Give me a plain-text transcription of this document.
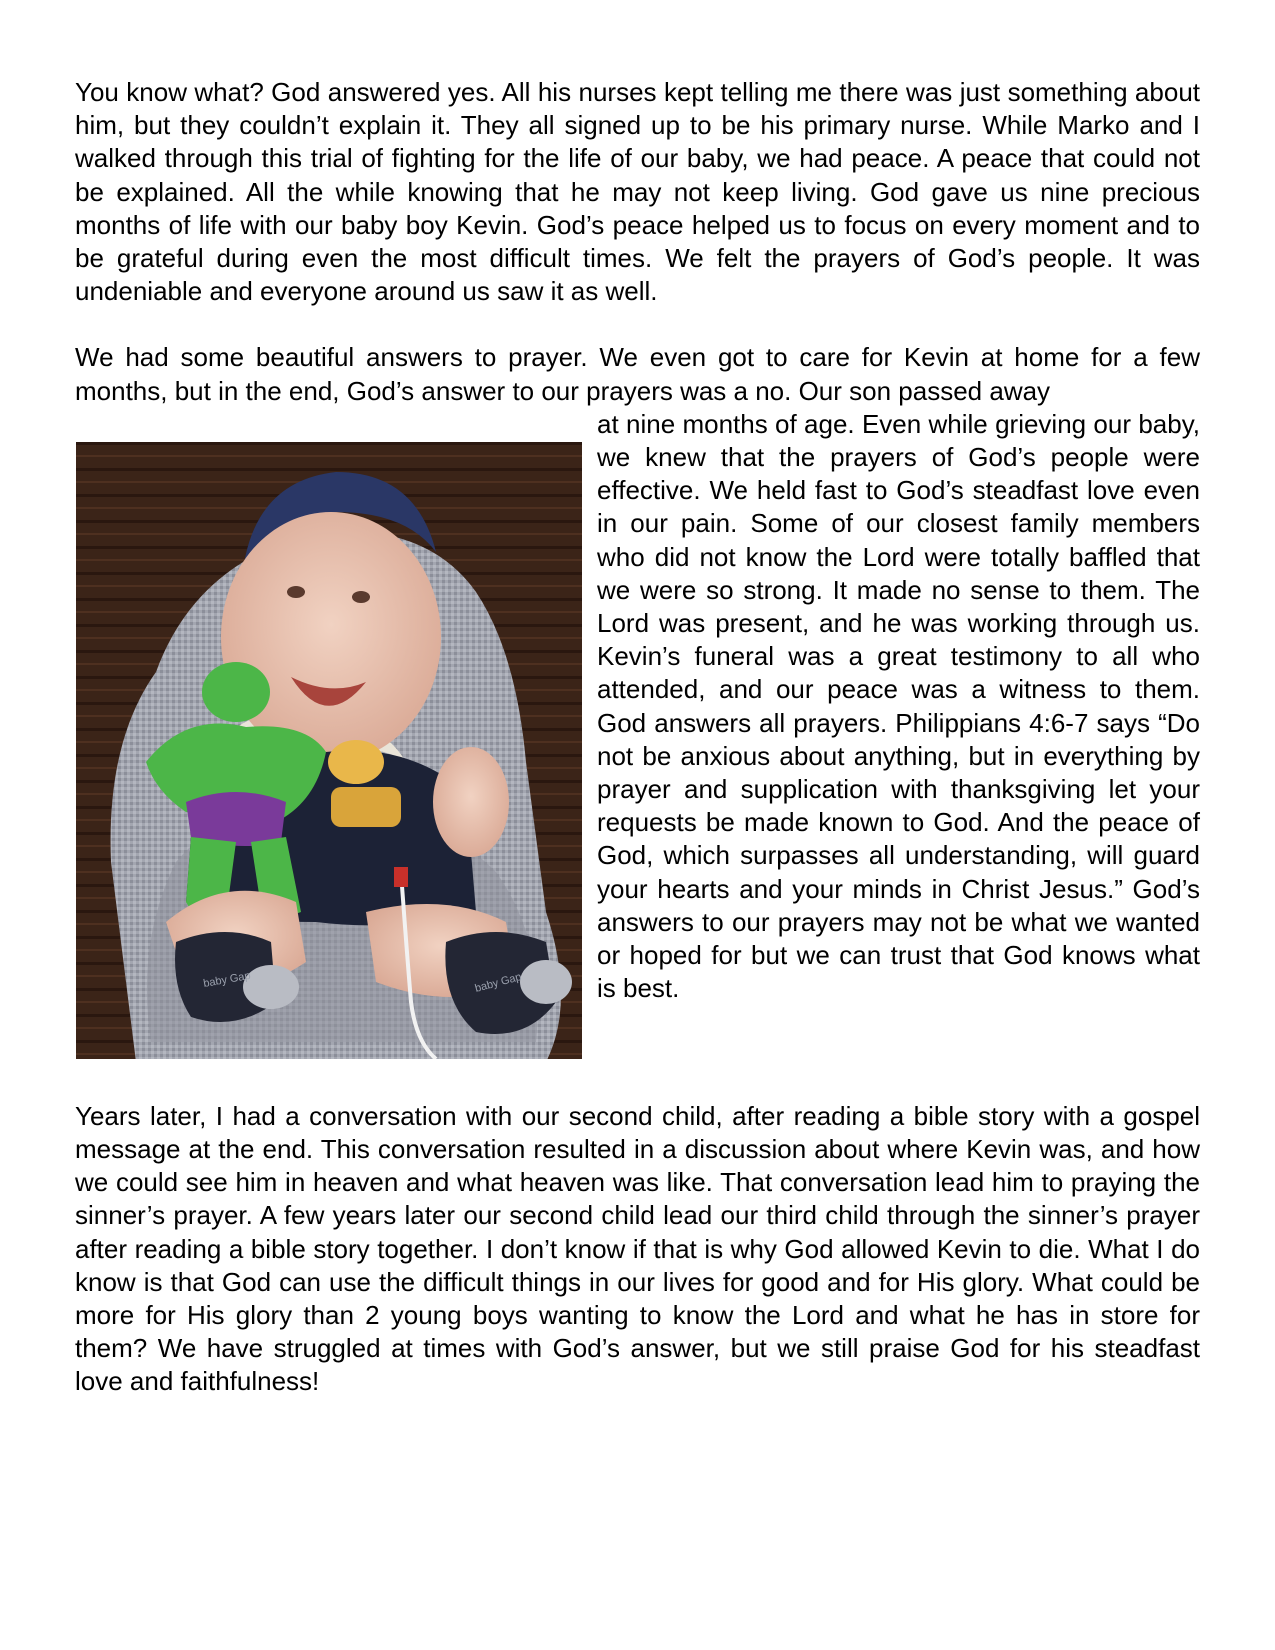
You know what? God answered yes. All his nurses kept telling me there was just something about him, but they couldn’t explain it. They all signed up to be his primary nurse. While Marko and I walked through this trial of fighting for the life of our baby, we had peace. A peace that could not be explained. All the while knowing that he may not keep living. God gave us nine precious months of life with our baby boy Kevin. God’s peace helped us to focus on every moment and to be grateful during even the most difficult times. We felt the prayers of God’s people. It was undeniable and everyone around us saw it as well.

We had some beautiful answers to prayer. We even got to care for Kevin at home for a few months, but in the end, God’s answer to our prayers was a no. Our son passed away

baby Gap	baby Gap

at nine months of age. Even while grieving our baby, we knew that the prayers of God’s people were effective. We held fast to God’s steadfast love even in our pain. Some of our closest family members who did not know the Lord were totally baffled that we were so strong. It made no sense to them. The Lord was present, and he was working through us. Kevin’s funeral was a great testimony to all who attended, and our peace was a witness to them. God answers all prayers. Philippians 4:6-7 says “Do not be anxious about anything, but in everything by prayer and supplication with thanksgiving let your requests be made known to God. And the peace of God, which surpasses all understanding, will guard your hearts and your minds in Christ Jesus.” God’s answers to our prayers may not be what we wanted or hoped for but we can trust that God knows what is best.

Years later, I had a conversation with our second child, after reading a bible story with a gospel message at the end. This conversation resulted in a discussion about where Kevin was, and how we could see him in heaven and what heaven was like. That conversation lead him to praying the sinner’s prayer. A few years later our second child lead our third child through the sinner’s prayer after reading a bible story together. I don’t know if that is why God allowed Kevin to die. What I do know is that God can use the difficult things in our lives for good and for His glory. What could be more for His glory than 2 young boys wanting to know the Lord and what he has in store for them? We have struggled at times with God’s answer, but we still praise God for his steadfast love and faithfulness!
